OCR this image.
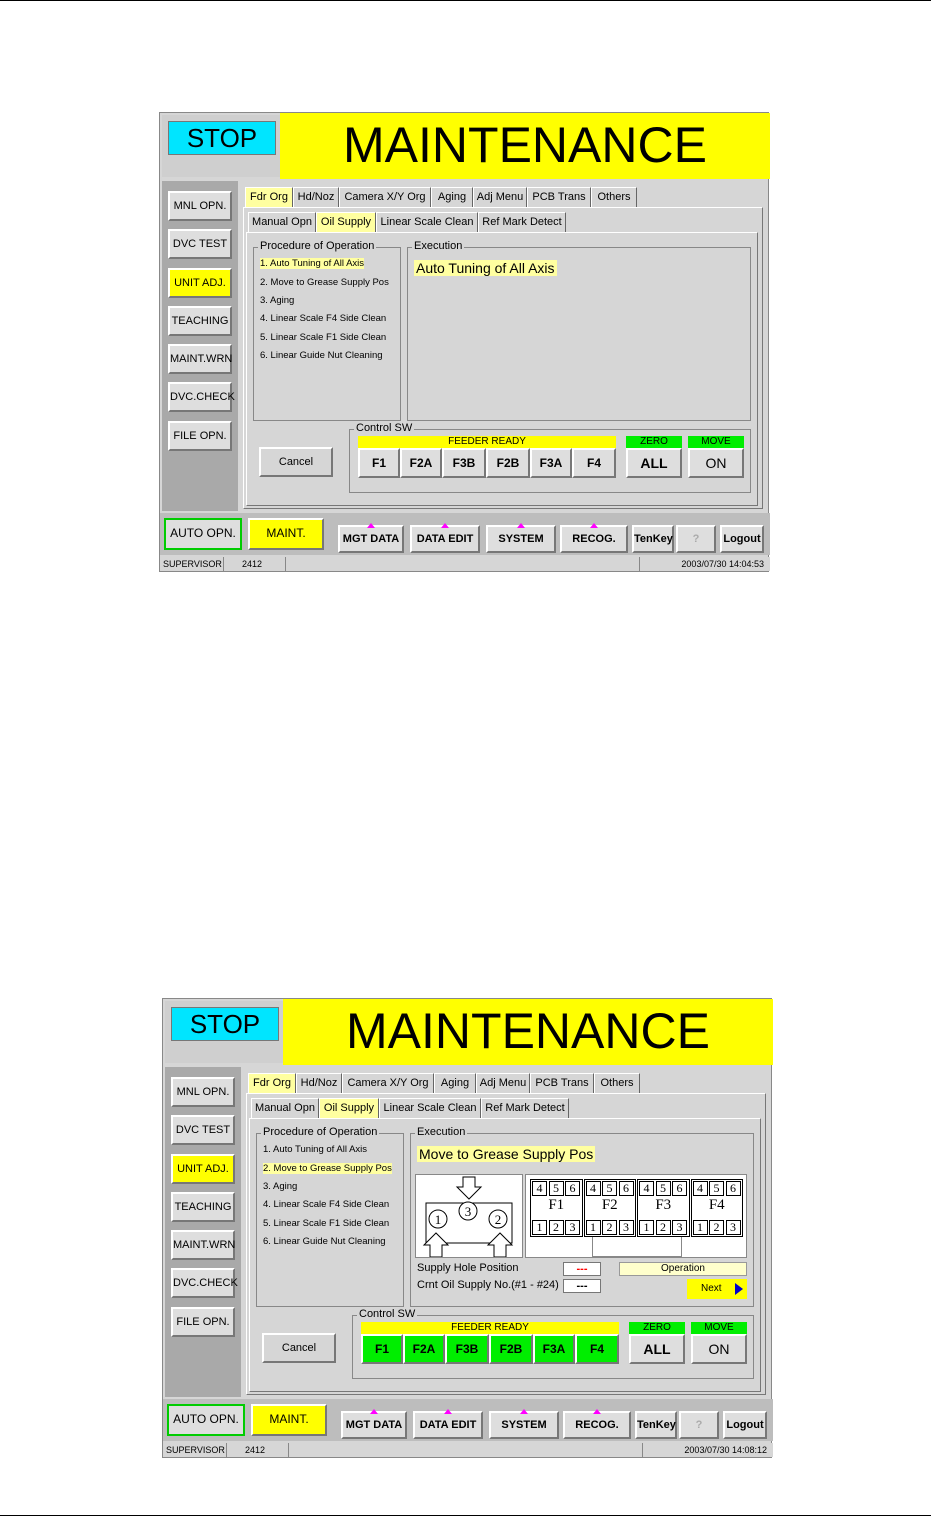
STOP	MAINTENANCE
MNL OPN.
DVC TEST
UNIT ADJ.
TEACHING
MAINT.WRN
DVC.CHECK
FILE OPN.
Fdr Org Hd/Noz Camera X/Y Org	Aging Adj Menu PCB Trans	Others
Manual Opn Oil Supply Linear Scale Clean Ref Mark Detect
Procedure of Operation
1. Auto Tuning of All Axis
2. Move to Grease Supply Pos
3. Aging
4. Linear Scale F4 Side Clean
5. Linear Scale F1 Side Clean
6. Linear Guide Nut Cleaning
Execution
Auto Tuning of All Axis
Cancel
Control SW
FEEDER READY
F1	F2A	F3B	F2B	F3A	F4
ZERO
ALL
MOVE
ON
AUTO OPN.	MAINT.	MGT DATA	DATA EDIT	SYSTEM	RECOG.	TenKey	?	Logout
SUPERVISOR	2412	2003/07/30 14:04:53
STOP	MAINTENANCE
MNL OPN.
DVC TEST
UNIT ADJ.
TEACHING
MAINT.WRN
DVC.CHECK
FILE OPN.
Fdr Org Hd/Noz Camera X/Y Org	Aging Adj Menu PCB Trans	Others
Manual Opn Oil Supply Linear Scale Clean Ref Mark Detect
Procedure of Operation
1. Auto Tuning of All Axis
2. Move to Grease Supply Pos
3. Aging
4. Linear Scale F4 Side Clean
5. Linear Scale F1 Side Clean
6. Linear Guide Nut Cleaning
Execution
Move to Grease Supply Pos
1
3
2
4 5 6
F1
1 2 3
4 5 6
F2
1 2 3
4 5 6
F3
1 2 3
4 5 6
F4
1 2 3
Supply Hole Position	---
Crnt Oil Supply No.(#1 - #24)	---
Operation
Next
Cancel
Control SW
FEEDER READY
F1	F2A	F3B	F2B	F3A	F4
ZERO
ALL
MOVE
ON
AUTO OPN.	MAINT.	MGT DATA	DATA EDIT	SYSTEM	RECOG.	TenKey	?	Logout
SUPERVISOR	2412	2003/07/30 14:08:12
